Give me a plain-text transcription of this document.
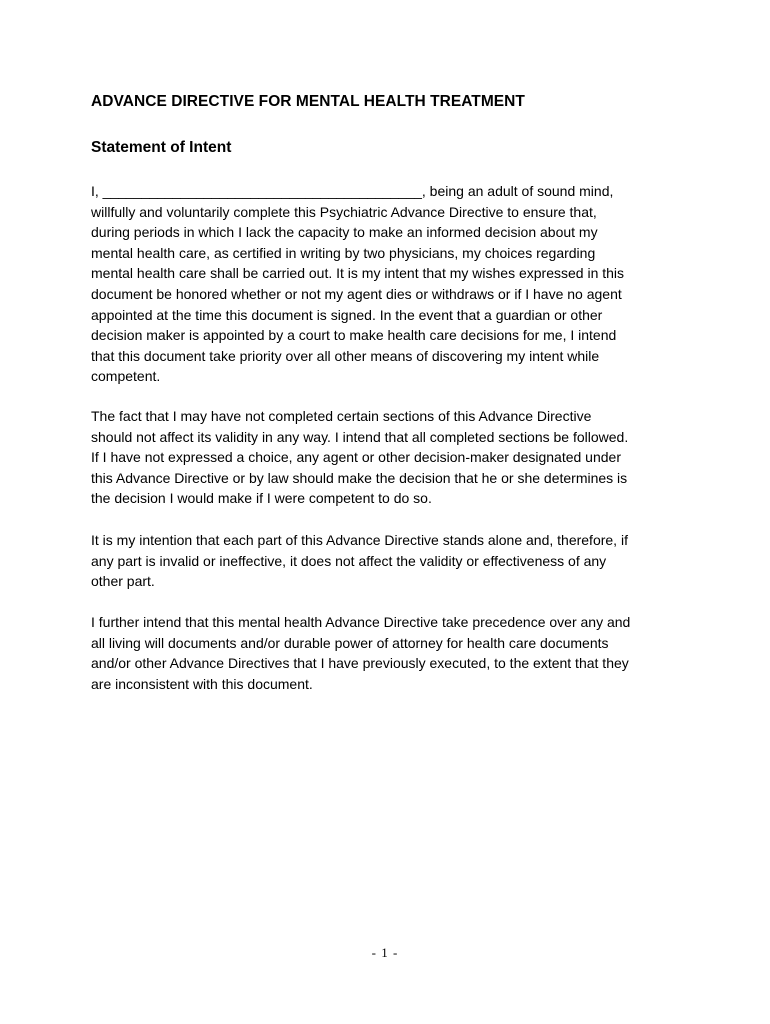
ADVANCE DIRECTIVE FOR MENTAL HEALTH TREATMENT
Statement of Intent

I, _________________________________________, being an adult of sound mind,
willfully and voluntarily complete this Psychiatric Advance Directive to ensure that,
during periods in which I lack the capacity to make an informed decision about my
mental health care, as certified in writing by two physicians, my choices regarding
mental health care shall be carried out. It is my intent that my wishes expressed in this
document be honored whether or not my agent dies or withdraws or if I have no agent
appointed at the time this document is signed. In the event that a guardian or other
decision maker is appointed by a court to make health care decisions for me, I intend
that this document take priority over all other means of discovering my intent while
competent.

The fact that I may have not completed certain sections of this Advance Directive
should not affect its validity in any way. I intend that all completed sections be followed.
If I have not expressed a choice, any agent or other decision-maker designated under
this Advance Directive or by law should make the decision that he or she determines is
the decision I would make if I were competent to do so.

It is my intention that each part of this Advance Directive stands alone and, therefore, if
any part is invalid or ineffective, it does not affect the validity or effectiveness of any
other part.

I further intend that this mental health Advance Directive take precedence over any and
all living will documents and/or durable power of attorney for health care documents
and/or other Advance Directives that I have previously executed, to the extent that they
are inconsistent with this document.

- 1 -
